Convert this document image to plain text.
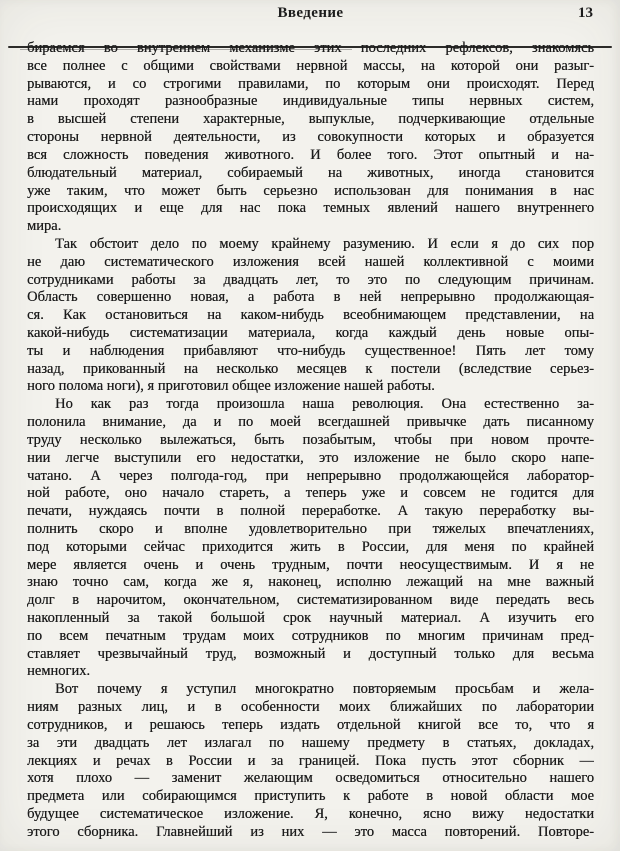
Введение	13
бираемся во внутреннем механизме этих последних рефлексов, знакомясь
все полнее с общими свойствами нервной массы, на которой они разыг-
рываются, и со строгими правилами, по которым они происходят. Перед
нами проходят разнообразные индивидуальные типы нервных систем,
в высшей степени характерные, выпуклые, подчеркивающие отдельные
стороны нервной деятельности, из совокупности которых и образуется
вся сложность поведения животного. И более того. Этот опытный и на-
блюдательный материал, собираемый на животных, иногда становится
уже таким, что может быть серьезно использован для понимания в нас
происходящих и еще для нас пока темных явлений нашего внутреннего
мира.
Так обстоит дело по моему крайнему разумению. И если я до сих пор
не даю систематического изложения всей нашей коллективной с моими
сотрудниками работы за двадцать лет, то это по следующим причинам.
Область совершенно новая, а работа в ней непрерывно продолжающая-
ся. Как остановиться на каком-нибудь всеобнимающем представлении, на
какой-нибудь систематизации материала, когда каждый день новые опы-
ты и наблюдения прибавляют что-нибудь существенное! Пять лет тому
назад, прикованный на несколько месяцев к постели (вследствие серьез-
ного полома ноги), я приготовил общее изложение нашей работы.
Но как раз тогда произошла наша революция. Она естественно за-
полонила внимание, да и по моей всегдашней привычке дать писанному
труду несколько вылежаться, быть позабытым, чтобы при новом прочте-
нии легче выступили его недостатки, это изложение не было скоро напе-
чатано. А через полгода-год, при непрерывно продолжающейся лаборатор-
ной работе, оно начало стареть, а теперь уже и совсем не годится для
печати, нуждаясь почти в полной переработке. А такую переработку вы-
полнить скоро и вполне удовлетворительно при тяжелых впечатлениях,
под которыми сейчас приходится жить в России, для меня по крайней
мере является очень и очень трудным, почти неосуществимым. И я не
знаю точно сам, когда же я, наконец, исполню лежащий на мне важный
долг в нарочитом, окончательном, систематизированном виде передать весь
накопленный за такой большой срок научный материал. А изучить его
по всем печатным трудам моих сотрудников по многим причинам пред-
ставляет чрезвычайный труд, возможный и доступный только для весьма
немногих.
Вот почему я уступил многократно повторяемым просьбам и жела-
ниям разных лиц, и в особенности моих ближайших по лаборатории
сотрудников, и решаюсь теперь издать отдельной книгой все то, что я
за эти двадцать лет излагал по нашему предмету в статьях, докладах,
лекциях и речах в России и за границей. Пока пусть этот сборник —
хотя плохо — заменит желающим осведомиться относительно нашего
предмета или собирающимся приступить к работе в новой области мое
будущее систематическое изложение. Я, конечно, ясно вижу недостатки
этого сборника. Главнейший из них — это масса повторений. Повторе-
